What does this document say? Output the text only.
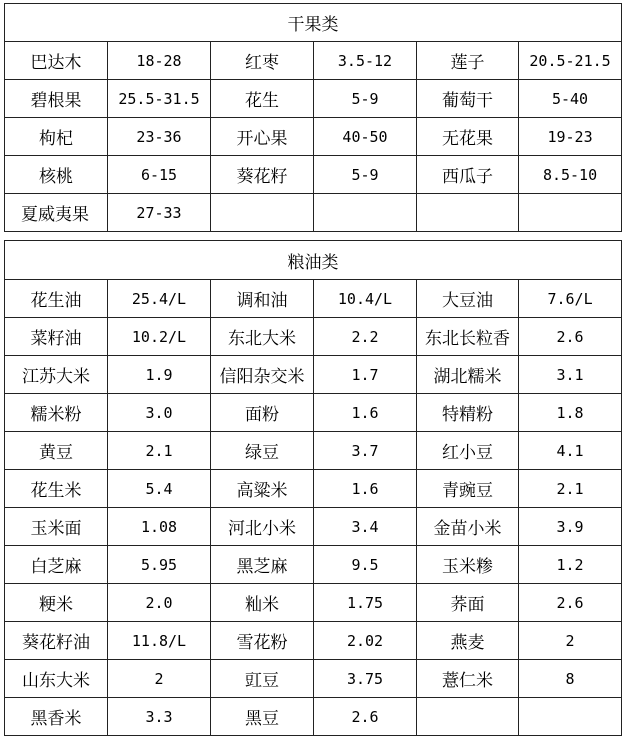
干果类					
巴达木	18-28	红枣	3.5-12	莲子	20.5-21.5
碧根果	25.5-31.5	花生	5-9	葡萄干	5-40
枸杞	23-36	开心果	40-50	无花果	19-23
核桃	6-15	葵花籽	5-9	西瓜子	8.5-10
夏威夷果	27-33				
粮油类					
花生油	25.4/L	调和油	10.4/L	大豆油	7.6/L
菜籽油	10.2/L	东北大米	2.2	东北长粒香	2.6
江苏大米	1.9	信阳杂交米	1.7	湖北糯米	3.1
糯米粉	3.0	面粉	1.6	特精粉	1.8
黄豆	2.1	绿豆	3.7	红小豆	4.1
花生米	5.4	高粱米	1.6	青豌豆	2.1
玉米面	1.08	河北小米	3.4	金苗小米	3.9
白芝麻	5.95	黑芝麻	9.5	玉米糁	1.2
粳米	2.0	籼米	1.75	荞面	2.6
葵花籽油	11.8/L	雪花粉	2.02	燕麦	2
山东大米	2	豇豆	3.75	薏仁米	8
黑香米	3.3	黑豆	2.6		
